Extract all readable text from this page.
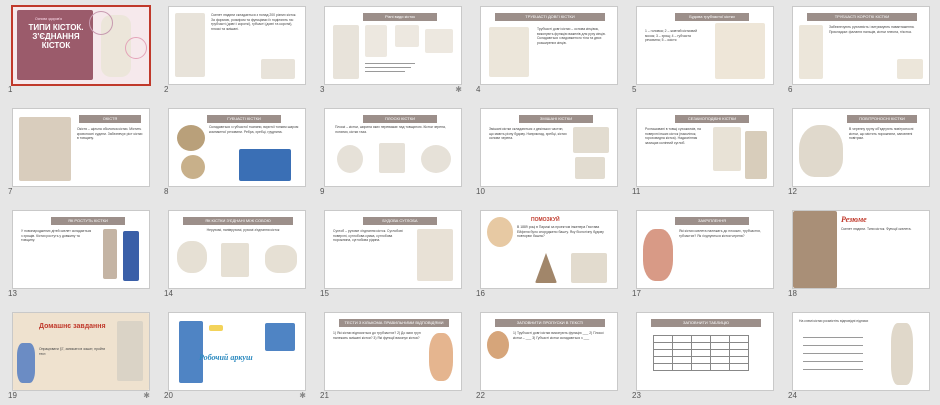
Основи здоров'я
ТИПИ КІСТОК. З'ЄДНАННЯ КІСТОК
1
Скелет людини складається з понад 200 різних кісток. За формою, розміром та функціями їх поділяють на: трубчасті (довгі і короткі), губчасті (довгі та короткі), плоскі та змішані.
2
Різні види кісток
3	✱
ТРУБЧАСТІ ДОВГІ КІСТКИ
Трубчасті довгі кістки – основа кінцівок, виконують функцію важелів для руху кінців. Складаються з видовженого тіла та двох розширених кінців.
4
Будова трубчастої кістки
1 – головка; 2 – жовтий кістковий мозок; 3 – хрящ; 4 – губчаста речовина; 5 – окістя
5
ТРУБЧАСТІ КОРОТКІ КІСТКИ
Забезпечують рухливість і витримують навантаження. Прикладом: фаланги пальців, кістки плесна, п'ястка.
6
ОКІСТЯ
Окістя – щільна оболонка кістки. Містить кровоносні судини. Забезпечує ріст кістки в товщину.
7
ГУБЧАСТІ КІСТКИ
Складаються з губчастої тканини, вкритої тонким шаром компактної речовини. Ребра, хребці, груднина.
8
ПЛОСКІ КІСТКИ
Плоскі – кістки, ширина яких переважає над товщиною. Кістки черепа, лопатки, кістки таза.
9
ЗМІШАНІ КІСТКИ
Змішані кістки складаються з декількох частин, що мають різну будову. Наприклад, хребці, кістки основи черепа.
10
СЕЗАМОПОДІБНІ КІСТКИ
Розташовані в товщі сухожилків, на поверхні інших кісток (наколінок, гороховидна кістка). Надколінник захищає колінний суглоб.
11
ПОВІТРОНОСНІ КІСТКИ
В черепну групу об'єднують повітроносні кістки, що містять порожнини, заповнені повітрям.
12
ЯК РОСТУТЬ КІСТКИ
У новонароджених дітей скелет складається з хрящів. Кістки ростуть у довжину та товщину.
13
ЯК КІСТКИ З'ЄДНАНІ МІЖ СОБОЮ
Нерухомі, напіврухомі, рухомі з'єднання кісток
14
БУДОВА СУГЛОБА
Суглоб – рухоме з'єднання кісток. Суглобові поверхні, суглобова сумка, суглобова порожнина, суглобова рідина.
15
ПОМОЗКУЙ
В 1889 році в Парижі за проектом інженера Гюстава Ейфеля було споруджено башту. Яку біологічну будову повторює башта?
16
ЗАКРІПЛЕННЯ
Які кістки скелета належать до плоских, трубчастих, губчастих? Як з'єднуються кістки черепа?
17
Резюме
Скелет людини. Типи кісток. Функції скелета.
18
Домашнє завдання
Опрацювати §7, записати в зошит, пройти тест.
19	✱
Робочий аркуш
20	✱
ТЕСТИ З КІЛЬКОМА ПРАВИЛЬНИМИ ВІДПОВІДЯМИ
1) Які кістки відносяться до трубчастих? 2) До яких груп належать змішані кістки? 3) Які функції виконує кістка?
21
ЗАПОВНИТИ ПРОПУСКИ В ТЕКСТІ
1) Трубчасті довгі кістки виконують функцію ___ 2) Плоскі кістки – ___ 3) Губчасті кістки складаються з ___
22
ЗАПОВНИТИ ТАБЛИЦЮ

23
На схемі кістки розмістіть відповідні підписи
24
